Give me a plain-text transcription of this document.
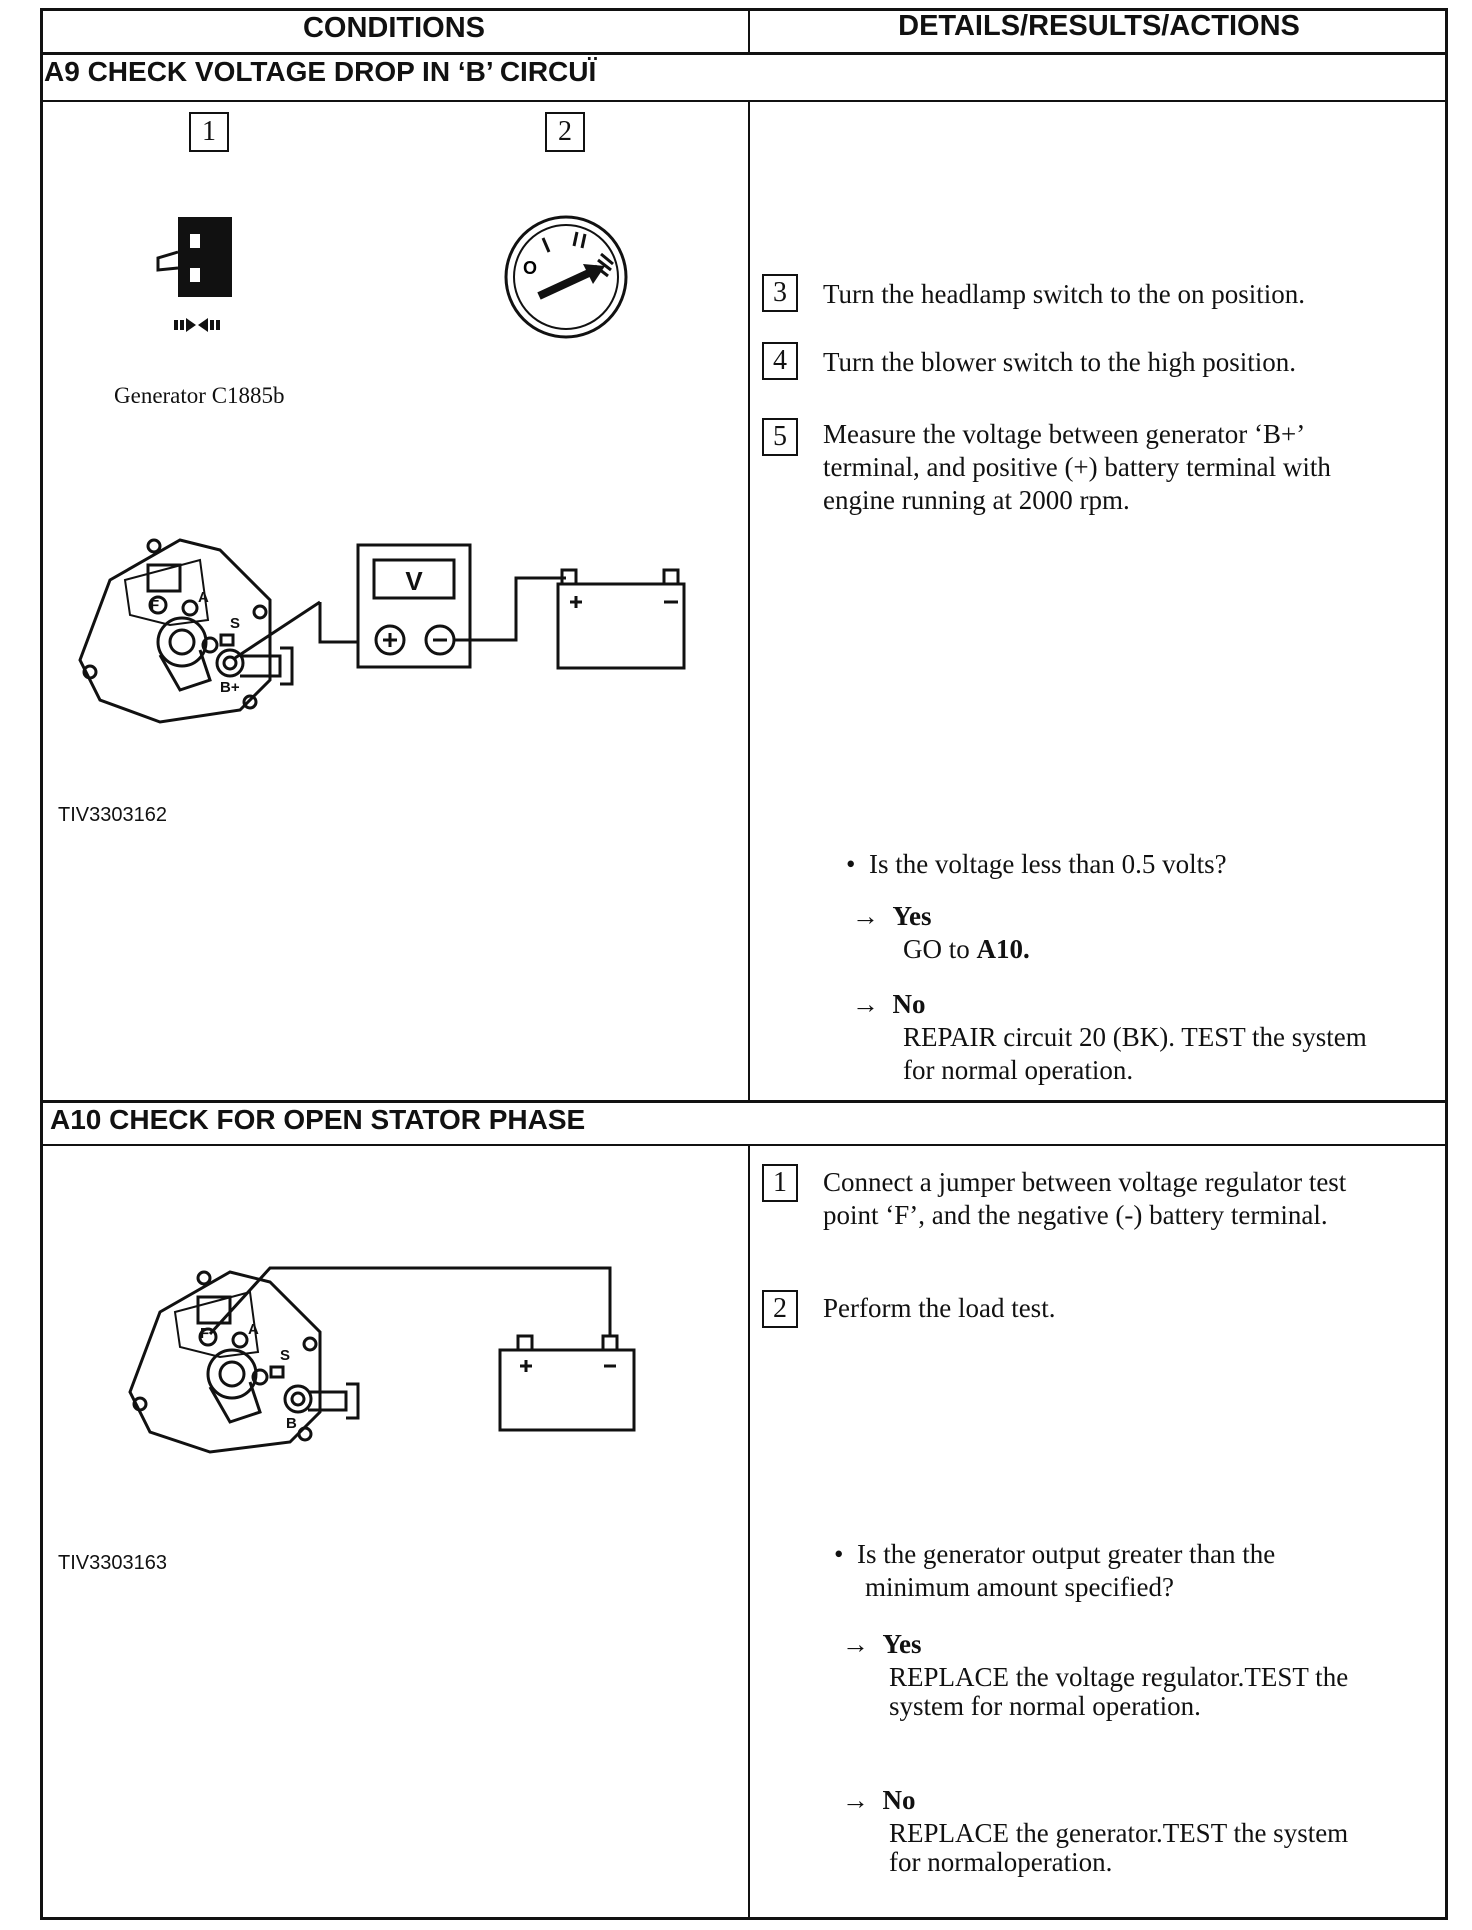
CONDITIONS	DETAILS/RESULTS/ACTIONS
A9 CHECK VOLTAGE DROP IN ‘B’ CIRCUÏ
1	2
Generator C1885b
O
F	A
S
B+
V
TIV3303162
3	Turn the headlamp switch to the on position.
4	Turn the blower switch to the high position.
5	Measure the voltage between generator ‘B+’
terminal, and positive (+) battery terminal with
engine running at 2000 rpm.
• Is the voltage less than 0.5 volts?
→ Yes
GO to A10.
→ No
REPAIR circuit 20 (BK). TEST the system
for normal operation.
A10 CHECK FOR OPEN STATOR PHASE
F	A
S
B
TIV3303163
1	Connect a jumper between voltage regulator test
point ‘F’, and the negative (-) battery terminal.
2	Perform the load test.
• Is the generator output greater than the
minimum amount specified?
→ Yes
REPLACE the voltage regulator.TEST the
system for normal operation.
→ No
REPLACE the generator.TEST the system
for normaloperation.
